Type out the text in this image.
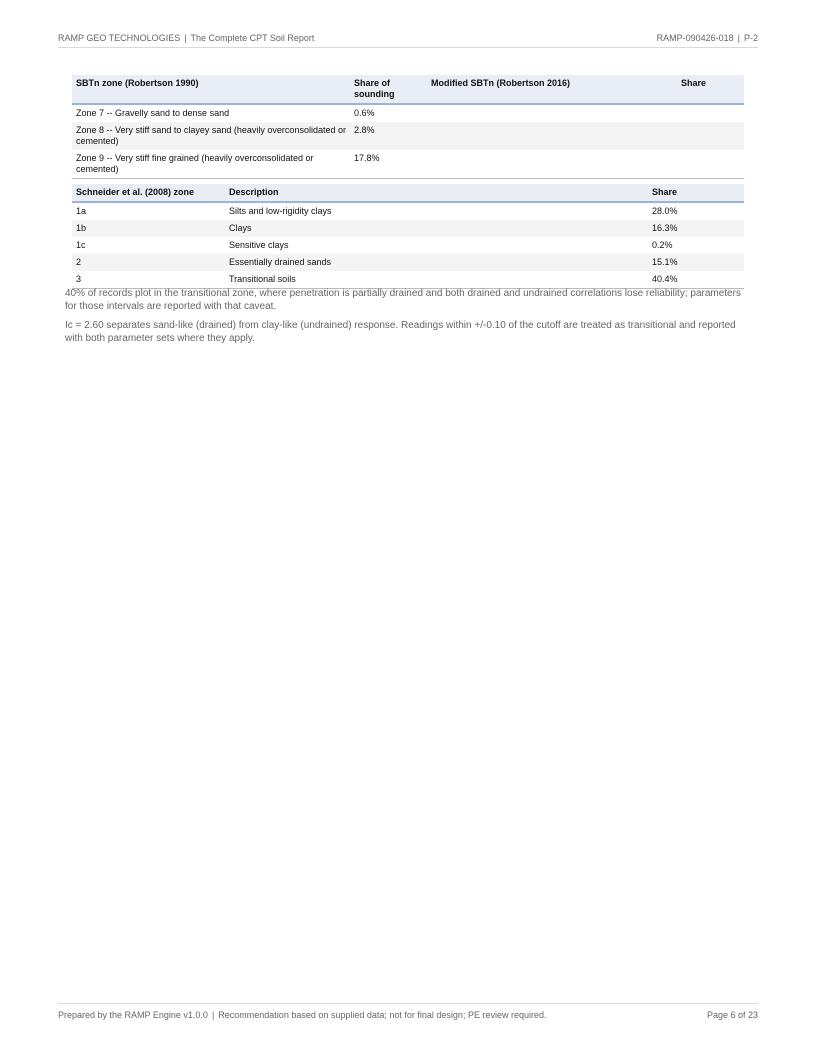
RAMP GEO TECHNOLOGIES | The Complete CPT Soil Report	RAMP-090426-018 | P-2
SBTn zone (Robertson 1990)	Share of sounding	Modified SBTn (Robertson 2016)	Share
Zone 7 -- Gravelly sand to dense sand	0.6%		
Zone 8 -- Very stiff sand to clayey sand (heavily overconsolidated or cemented)	2.8%		
Zone 9 -- Very stiff fine grained (heavily overconsolidated or cemented)	17.8%		
Schneider et al. (2008) zone	Description	Share
1a	Silts and low-rigidity clays	28.0%
1b	Clays	16.3%
1c	Sensitive clays	0.2%
2	Essentially drained sands	15.1%
3	Transitional soils	40.4%

40% of records plot in the transitional zone, where penetration is partially drained and both drained and undrained correlations lose reliability; parameters for those intervals are reported with that caveat.

Ic = 2.60 separates sand-like (drained) from clay-like (undrained) response. Readings within +/-0.10 of the cutoff are treated as transitional and reported with both parameter sets where they apply.

Prepared by the RAMP Engine v1.0.0 | Recommendation based on supplied data; not for final design; PE review required.	Page 6 of 23
